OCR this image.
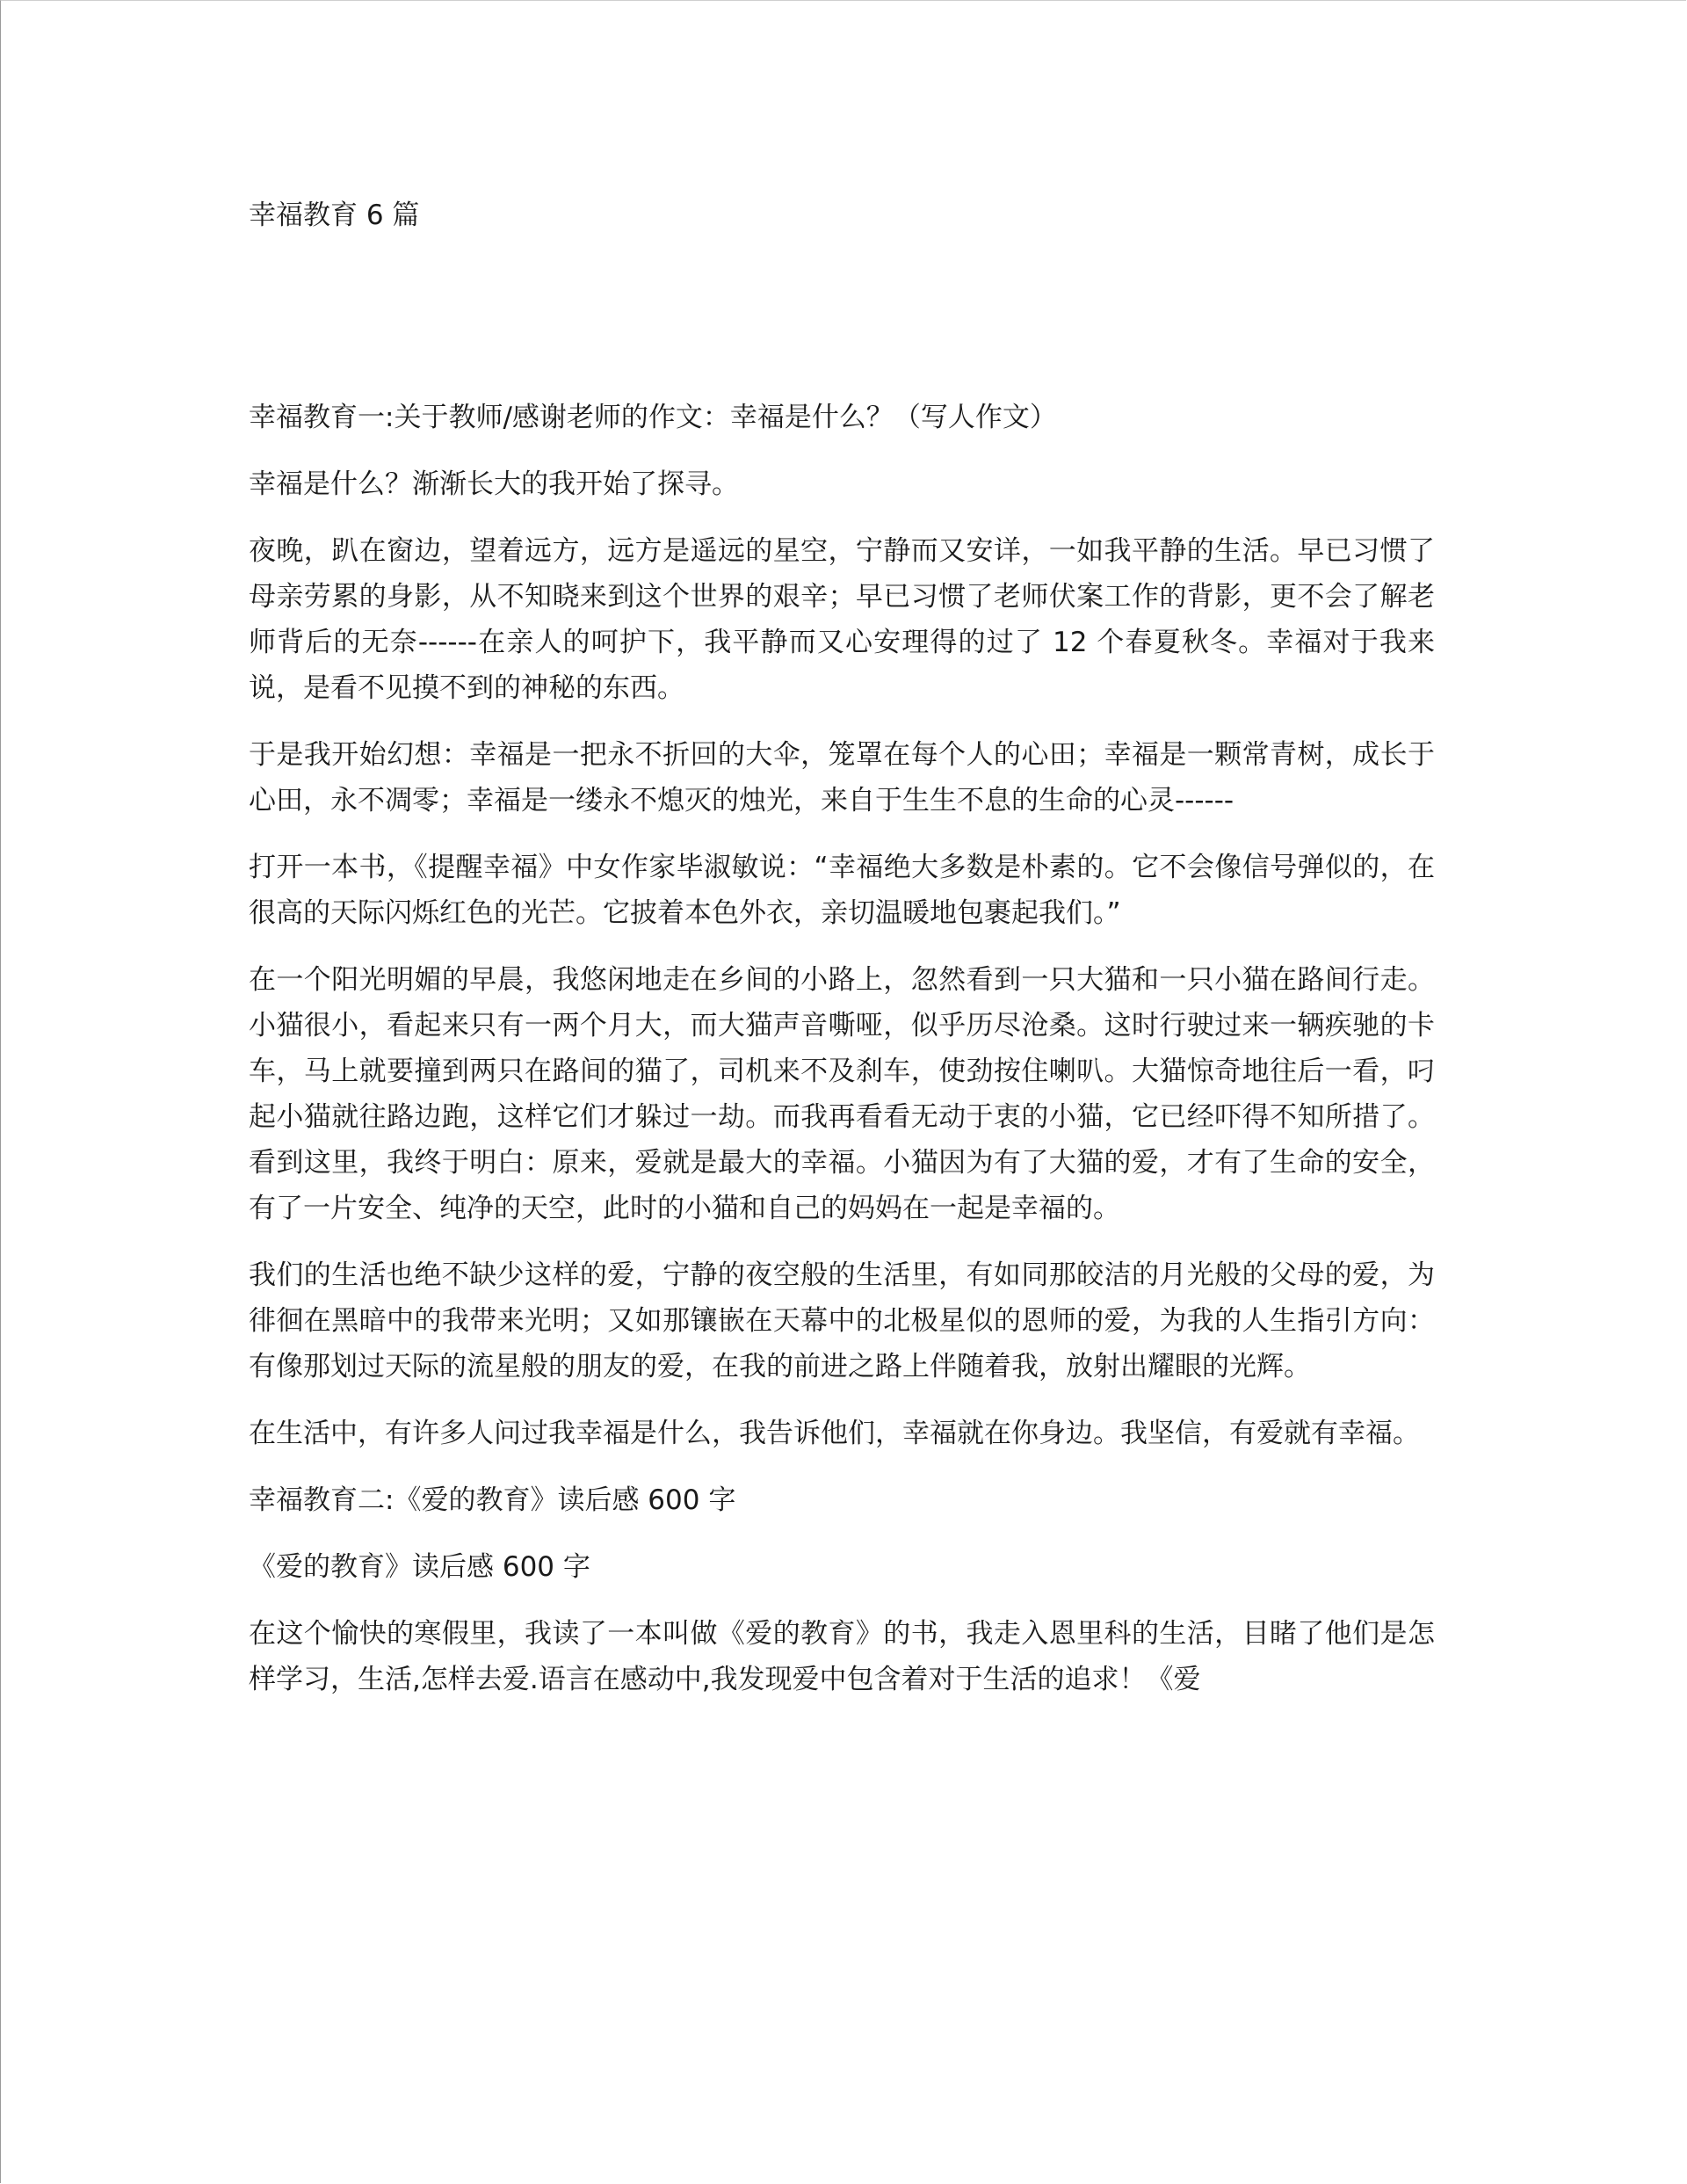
幸福教育 6 篇

幸福教育一:关于教师/感谢老师的作文：幸福是什么？（写人作文）

幸福是什么？渐渐长大的我开始了探寻。

夜晚，趴在窗边，望着远方，远方是遥远的星空，宁静而又安详，一如我平静的生活。早已习惯了母亲劳累的身影，从不知晓来到这个世界的艰辛；早已习惯了老师伏案工作的背影，更不会了解老师背后的无奈------在亲人的呵护下，我平静而又心安理得的过了 12 个春夏秋冬。幸福对于我来说，是看不见摸不到的神秘的东西。

于是我开始幻想：幸福是一把永不折回的大伞，笼罩在每个人的心田；幸福是一颗常青树，成长于心田，永不凋零；幸福是一缕永不熄灭的烛光，来自于生生不息的生命的心灵------

打开一本书，《提醒幸福》中女作家毕淑敏说：“幸福绝大多数是朴素的。它不会像信号弹似的，在很高的天际闪烁红色的光芒。它披着本色外衣，亲切温暖地包裹起我们。”

在一个阳光明媚的早晨，我悠闲地走在乡间的小路上，忽然看到一只大猫和一只小猫在路间行走。小猫很小，看起来只有一两个月大，而大猫声音嘶哑，似乎历尽沧桑。这时行驶过来一辆疾驰的卡车，马上就要撞到两只在路间的猫了，司机来不及刹车，使劲按住喇叭。大猫惊奇地往后一看，叼起小猫就往路边跑，这样它们才躲过一劫。而我再看看无动于衷的小猫，它已经吓得不知所措了。看到这里，我终于明白：原来，爱就是最大的幸福。小猫因为有了大猫的爱，才有了生命的安全，有了一片安全、纯净的天空，此时的小猫和自己的妈妈在一起是幸福的。

我们的生活也绝不缺少这样的爱，宁静的夜空般的生活里，有如同那皎洁的月光般的父母的爱，为徘徊在黑暗中的我带来光明；又如那镶嵌在天幕中的北极星似的恩师的爱，为我的人生指引方向：有像那划过天际的流星般的朋友的爱，在我的前进之路上伴随着我，放射出耀眼的光辉。

在生活中，有许多人问过我幸福是什么，我告诉他们，幸福就在你身边。我坚信，有爱就有幸福。

幸福教育二:《爱的教育》读后感 600 字

《爱的教育》读后感 600 字

在这个愉快的寒假里，我读了一本叫做《爱的教育》的书，我走入恩里科的生活，目睹了他们是怎样学习，生活,怎样去爱.语言在感动中,我发现爱中包含着对于生活的追求！《爱
